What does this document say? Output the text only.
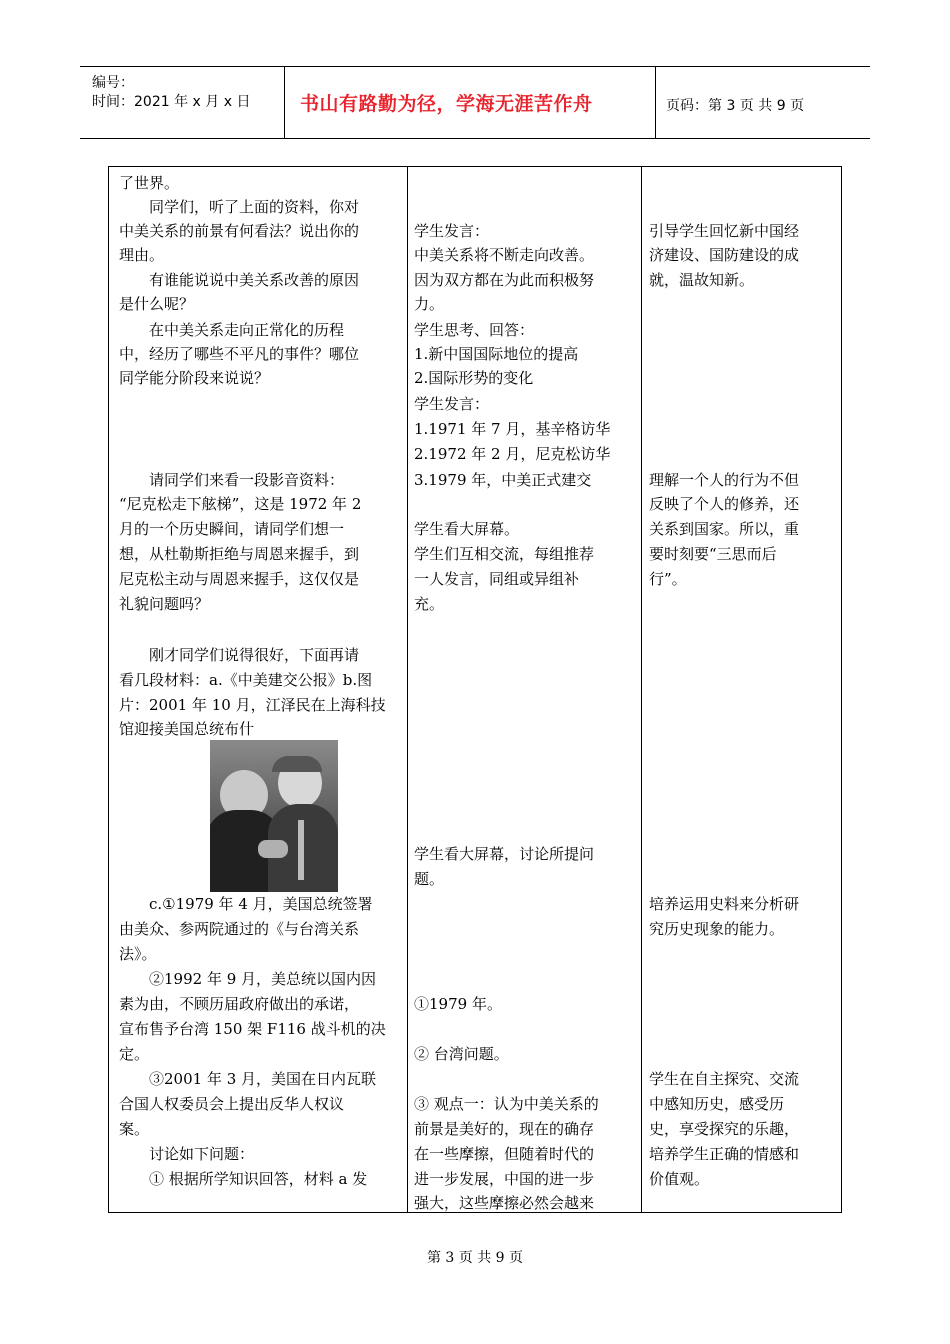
编号：
时间：2021 年 x 月 x 日	书山有路勤为径，学海无涯苦作舟	页码：第 3 页 共 9 页
了世界。
同学们，听了上面的资料，你对
中美关系的前景有何看法？说出你的
理由。
有谁能说说中美关系改善的原因
是什么呢？
在中美关系走向正常化的历程
中，经历了哪些不平凡的事件？哪位
同学能分阶段来说说？
请同学们来看一段影音资料：
“尼克松走下舷梯”，这是 1972 年 2
月的一个历史瞬间，请同学们想一
想，从杜勒斯拒绝与周恩来握手，到
尼克松主动与周恩来握手，这仅仅是
礼貌问题吗？
刚才同学们说得很好，下面再请
看几段材料：a.《中美建交公报》b.图
片：2001 年 10 月，江泽民在上海科技
馆迎接美国总统布什
c.①1979 年 4 月，美国总统签署
由美众、参两院通过的《与台湾关系
法》。
②1992 年 9 月，美总统以国内因
素为由，不顾历届政府做出的承诺，
宣布售予台湾 150 架 F116 战斗机的决
定。
③2001 年 3 月，美国在日内瓦联
合国人权委员会上提出反华人权议
案。
讨论如下问题：
① 根据所学知识回答，材料 a 发
学生发言：
中美关系将不断走向改善。
因为双方都在为此而积极努
力。
学生思考、回答：
1.新中国国际地位的提高
2.国际形势的变化
学生发言：
1.1971 年 7 月，基辛格访华
2.1972 年 2 月，尼克松访华
3.1979 年，中美正式建交
学生看大屏幕。
学生们互相交流，每组推荐
一人发言，同组或异组补
充。
学生看大屏幕，讨论所提问
题。
①1979 年。
② 台湾问题。
③ 观点一：认为中美关系的
前景是美好的，现在的确存
在一些摩擦，但随着时代的
进一步发展，中国的进一步
强大，这些摩擦必然会越来
引导学生回忆新中国经
济建设、国防建设的成
就，温故知新。
理解一个人的行为不但
反映了个人的修养，还
关系到国家。所以，重
要时刻要“三思而后
行”。
培养运用史料来分析研
究历史现象的能力。
学生在自主探究、交流
中感知历史，感受历
史，享受探究的乐趣，
培养学生正确的情感和
价值观。
第 3 页 共 9 页
